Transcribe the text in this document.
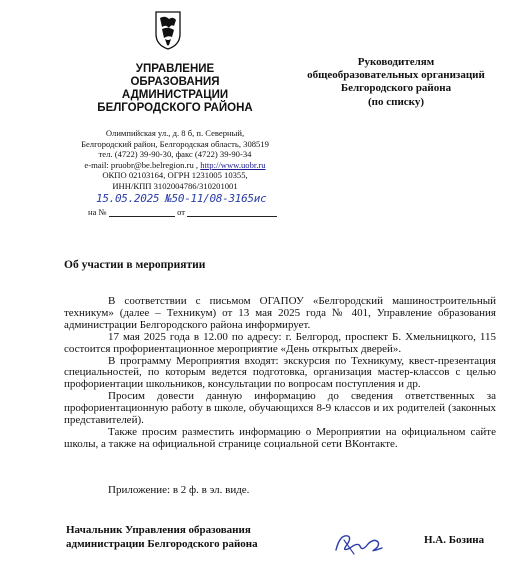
УПРАВЛЕНИЕ
ОБРАЗОВАНИЯ
АДМИНИСТРАЦИИ
БЕЛГОРОДСКОГО РАЙОНА
Олимпийская ул., д. 8 б, п. Северный,
Белгородский район, Белгородская область, 308519
тел. (4722) 39-90-30, факс (4722) 39-90-34
e-mail: pruobr@be.belregion.ru , http://www.uobr.ru
ОКПО 02103164, ОГРН 1231005 10355,
ИНН/КПП 3102004786/310201001
15.05.2025 №50-11/08-3165ис
на №	от
Руководителям
общеобразовательных организаций
Белгородского района
(по списку)
Об участии в мероприятии

В соответствии с письмом ОГАПОУ «Белгородский машиностроительный техникум» (далее – Техникум) от 13 мая 2025 года № 401, Управление образования администрации Белгородского района информирует.

17 мая 2025 года в 12.00 по адресу: г. Белгород, проспект Б. Хмельницкого, 115 состоится профориентационное мероприятие «День открытых дверей».

В программу Мероприятия входят: экскурсия по Техникуму, квест-презентация специальностей, по которым ведется подготовка, организация мастер-классов с целью профориентации школьников, консультации по вопросам поступления и др.

Просим довести данную информацию до сведения ответственных за профориентационную работу в школе, обучающихся 8-9 классов и их родителей (законных представителей).

Также просим разместить информацию о Мероприятии на официальном сайте школы, а также на официальной странице социальной сети ВКонтакте.

Приложение: в 2 ф. в эл. виде.
Начальник Управления образования
администрации Белгородского района	Н.А. Бозина
